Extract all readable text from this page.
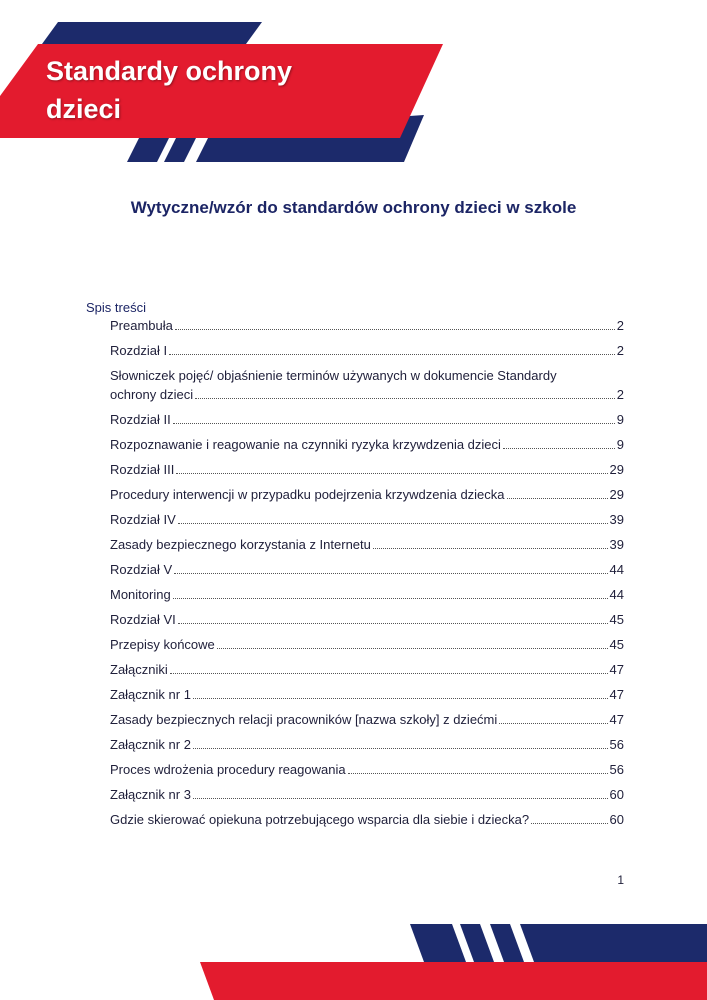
Standardy ochrony
dzieci
Wytyczne/wzór do standardów ochrony dzieci w szkole
Spis treści
Preambuła	2
Rozdział I	2
Słowniczek pojęć/ objaśnienie terminów używanych w dokumencie Standardy
ochrony dzieci	2
Rozdział II	9
Rozpoznawanie i reagowanie na czynniki ryzyka krzywdzenia dzieci	9
Rozdział III	29
Procedury interwencji w przypadku podejrzenia krzywdzenia dziecka	29
Rozdział IV	39
Zasady bezpiecznego korzystania z Internetu	39
Rozdział V	44
Monitoring	44
Rozdział VI	45
Przepisy końcowe	45
Załączniki	47
Załącznik nr 1	47
Zasady bezpiecznych relacji pracowników [nazwa szkoły] z dziećmi	47
Załącznik nr 2	56
Proces wdrożenia procedury reagowania	56
Załącznik nr 3	60
Gdzie skierować opiekuna potrzebującego wsparcia dla siebie i dziecka?	60
1
